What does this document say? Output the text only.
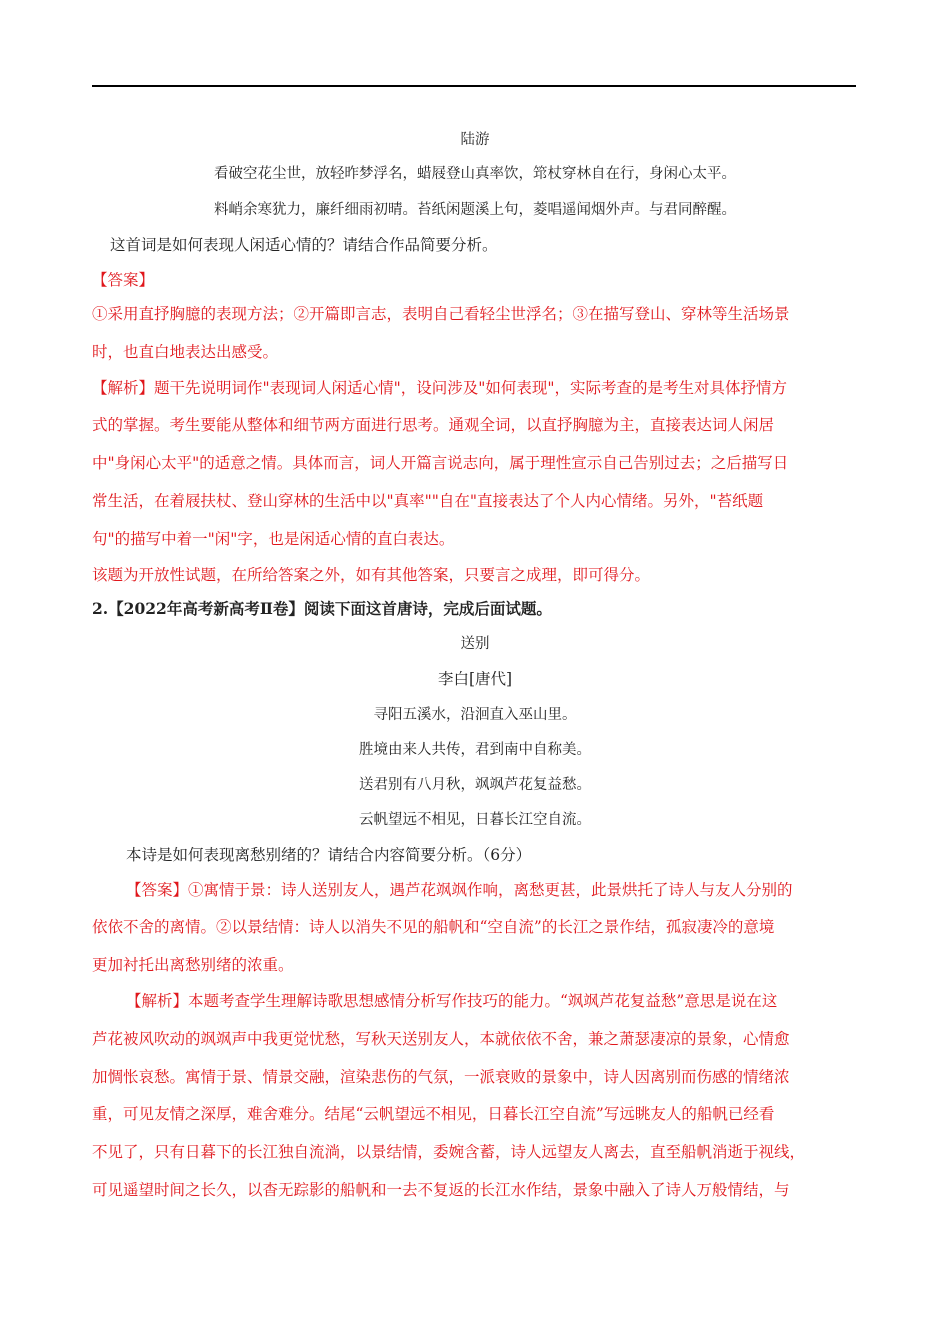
陆游
看破空花尘世，放轻昨梦浮名，蜡屐登山真率饮，筇杖穿林自在行，身闲心太平。
料峭余寒犹力，廉纤细雨初晴。苔纸闲题溪上句，菱唱遥闻烟外声。与君同醉醒。
这首词是如何表现人闲适心情的？请结合作品简要分析。
【答案】
①采用直抒胸臆的表现方法；②开篇即言志，表明自己看轻尘世浮名；③在描写登山、穿林等生活场景
时，也直白地表达出感受。
【解析】题干先说明词作"表现词人闲适心情"，设问涉及"如何表现"，实际考查的是考生对具体抒情方
式的掌握。考生要能从整体和细节两方面进行思考。通观全词，以直抒胸臆为主，直接表达词人闲居
中"身闲心太平"的适意之情。具体而言，词人开篇言说志向，属于理性宣示自己告别过去；之后描写日
常生活，在着屐扶杖、登山穿林的生活中以"真率""自在"直接表达了个人内心情绪。另外，"苔纸题
句"的描写中着一"闲"字，也是闲适心情的直白表达。
该题为开放性试题，在所给答案之外，如有其他答案，只要言之成理，即可得分。
2.【2022年高考新高考Ⅱ卷】阅读下面这首唐诗，完成后面试题。
送别
李白[唐代]
寻阳五溪水，沿洄直入巫山里。
胜境由来人共传，君到南中自称美。
送君别有八月秋，飒飒芦花复益愁。
云帆望远不相见，日暮长江空自流。
本诗是如何表现离愁别绪的？请结合内容简要分析。（6分）
【答案】①寓情于景：诗人送别友人，遇芦花飒飒作响，离愁更甚，此景烘托了诗人与友人分别的
依依不舍的离情。②以景结情：诗人以消失不见的船帆和“空自流”的长江之景作结，孤寂凄冷的意境
更加衬托出离愁别绪的浓重。
【解析】本题考查学生理解诗歌思想感情分析写作技巧的能力。“飒飒芦花复益愁”意思是说在这
芦花被风吹动的飒飒声中我更觉忧愁，写秋天送别友人，本就依依不舍，兼之萧瑟凄凉的景象，心情愈
加惆怅哀愁。寓情于景、情景交融，渲染悲伤的气氛，一派衰败的景象中，诗人因离别而伤感的情绪浓
重，可见友情之深厚，难舍难分。结尾“云帆望远不相见，日暮长江空自流”写远眺友人的船帆已经看
不见了，只有日暮下的长江独自流淌，以景结情，委婉含蓄，诗人远望友人离去，直至船帆消逝于视线，
可见遥望时间之长久，以杳无踪影的船帆和一去不复返的长江水作结，景象中融入了诗人万般情结，与
